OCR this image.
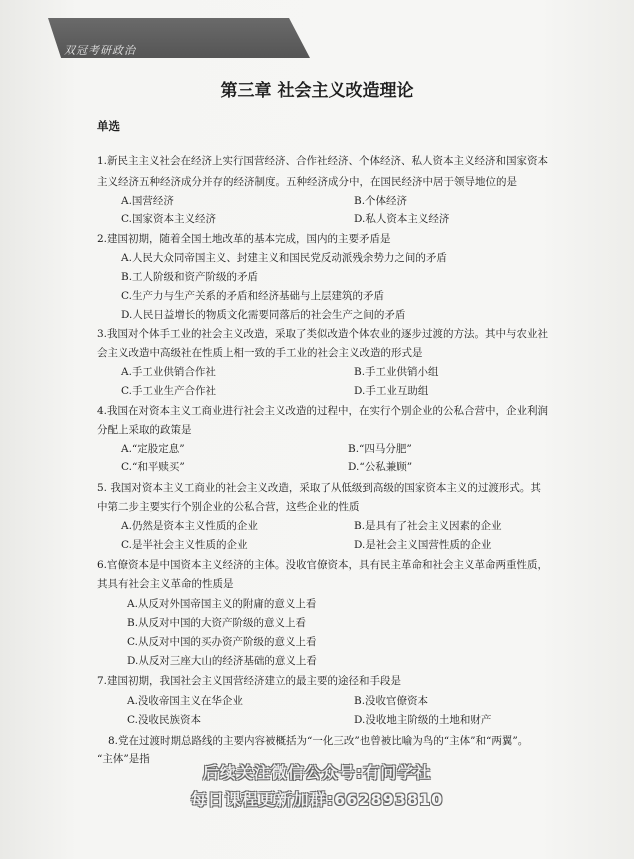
双冠考研政治
第三章 社会主义改造理论
单选
1.新民主主义社会在经济上实行国营经济、合作社经济、个体经济、私人资本主义经济和国家资本
主义经济五种经济成分并存的经济制度。五种经济成分中，在国民经济中居于领导地位的是
A.国营经济	B.个体经济
C.国家资本主义经济	D.私人资本主义经济
2.建国初期，随着全国土地改革的基本完成，国内的主要矛盾是
A.人民大众同帝国主义、封建主义和国民党反动派残余势力之间的矛盾
B.工人阶级和资产阶级的矛盾
C.生产力与生产关系的矛盾和经济基础与上层建筑的矛盾
D.人民日益增长的物质文化需要同落后的社会生产之间的矛盾
3.我国对个体手工业的社会主义改造，采取了类似改造个体农业的逐步过渡的方法。其中与农业社
会主义改造中高级社在性质上相一致的手工业的社会主义改造的形式是
A.手工业供销合作社	B.手工业供销小组
C.手工业生产合作社	D.手工业互助组
4.我国在对资本主义工商业进行社会主义改造的过程中，在实行个别企业的公私合营中，企业利润
分配上采取的政策是
A.“定股定息”	B.“四马分肥”
C.“和平赎买”	D.“公私兼顾”
5. 我国对资本主义工商业的社会主义改造，采取了从低级到高级的国家资本主义的过渡形式。其
中第二步主要实行个别企业的公私合营，这些企业的性质
A.仍然是资本主义性质的企业	B.是具有了社会主义因素的企业
C.是半社会主义性质的企业	D.是社会主义国营性质的企业
6.官僚资本是中国资本主义经济的主体。没收官僚资本，具有民主革命和社会主义革命两重性质，
其具有社会主义革命的性质是
A.从反对外国帝国主义的附庸的意义上看
B.从反对中国的大资产阶级的意义上看
C.从反对中国的买办资产阶级的意义上看
D.从反对三座大山的经济基础的意义上看
7.建国初期，我国社会主义国营经济建立的最主要的途径和手段是
A.没收帝国主义在华企业	B.没收官僚资本
C.没收民族资本	D.没收地主阶级的土地和财产
8.党在过渡时期总路线的主要内容被概括为“一化三改”也曾被比喻为鸟的“主体”和“两翼”。
“主体”是指
后续关注微信公众号:有问学社
每日课程更新加群:662893810
